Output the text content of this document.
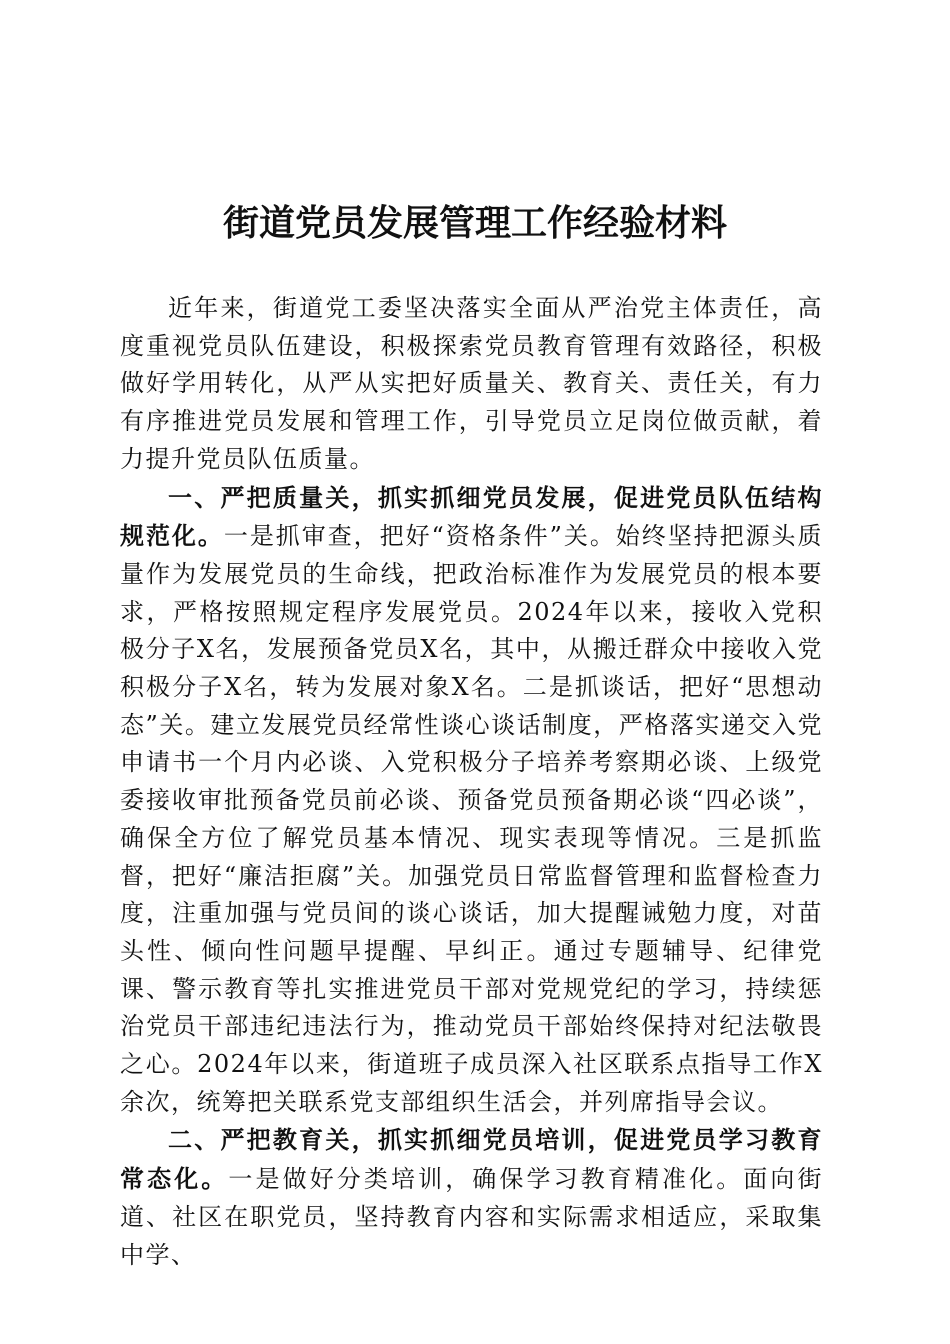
街道党员发展管理工作经验材料

近年来，街道党工委坚决落实全面从严治党主体责任，高度重视党员队伍建设，积极探索党员教育管理有效路径，积极做好学用转化，从严从实把好质量关、教育关、责任关，有力有序推进党员发展和管理工作，引导党员立足岗位做贡献，着力提升党员队伍质量。

一、严把质量关，抓实抓细党员发展，促进党员队伍结构规范化。一是抓审查，把好“资格条件”关。始终坚持把源头质量作为发展党员的生命线，把政治标准作为发展党员的根本要求，严格按照规定程序发展党员。2024年以来，接收入党积极分子X名，发展预备党员X名，其中，从搬迁群众中接收入党积极分子X名，转为发展对象X名。二是抓谈话，把好“思想动态”关。建立发展党员经常性谈心谈话制度，严格落实递交入党申请书一个月内必谈、入党积极分子培养考察期必谈、上级党委接收审批预备党员前必谈、预备党员预备期必谈“四必谈”，确保全方位了解党员基本情况、现实表现等情况。三是抓监督，把好“廉洁拒腐”关。加强党员日常监督管理和监督检查力度，注重加强与党员间的谈心谈话，加大提醒诫勉力度，对苗头性、倾向性问题早提醒、早纠正。通过专题辅导、纪律党课、警示教育等扎实推进党员干部对党规党纪的学习，持续惩治党员干部违纪违法行为，推动党员干部始终保持对纪法敬畏之心。2024年以来，街道班子成员深入社区联系点指导工作X余次，统筹把关联系党支部组织生活会，并列席指导会议。

二、严把教育关，抓实抓细党员培训，促进党员学习教育常态化。一是做好分类培训，确保学习教育精准化。面向街道、社区在职党员，坚持教育内容和实际需求相适应，采取集中学、
